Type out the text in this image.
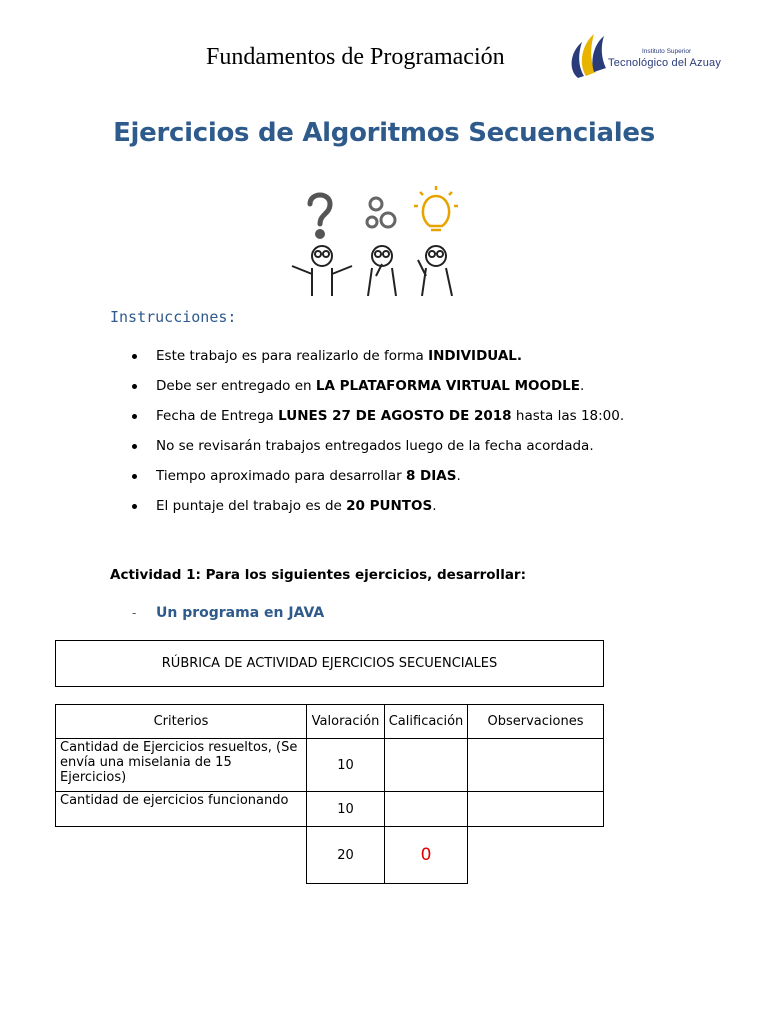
Fundamentos de Programación	Instituto Superior
Tecnológico del Azuay
Ejercicios de Algoritmos Secuenciales
Instrucciones:
Este trabajo es para realizarlo de forma INDIVIDUAL.
Debe ser entregado en LA PLATAFORMA VIRTUAL MOODLE.
Fecha de Entrega LUNES 27 DE AGOSTO DE 2018 hasta las 18:00.
No se revisarán trabajos entregados luego de la fecha acordada.
Tiempo aproximado para desarrollar 8 DIAS.
El puntaje del trabajo es de 20 PUNTOS.
Actividad 1: Para los siguientes ejercicios, desarrollar:
- Un programa en JAVA
RÚBRICA DE ACTIVIDAD EJERCICIOS SECUENCIALES
Criterios	Valoración	Calificación	Observaciones
Cantidad de Ejercicios resueltos, (Se envía una miselania de 15 Ejercicios)	10		
Cantidad de ejercicios funcionando	10		
	20	0	
